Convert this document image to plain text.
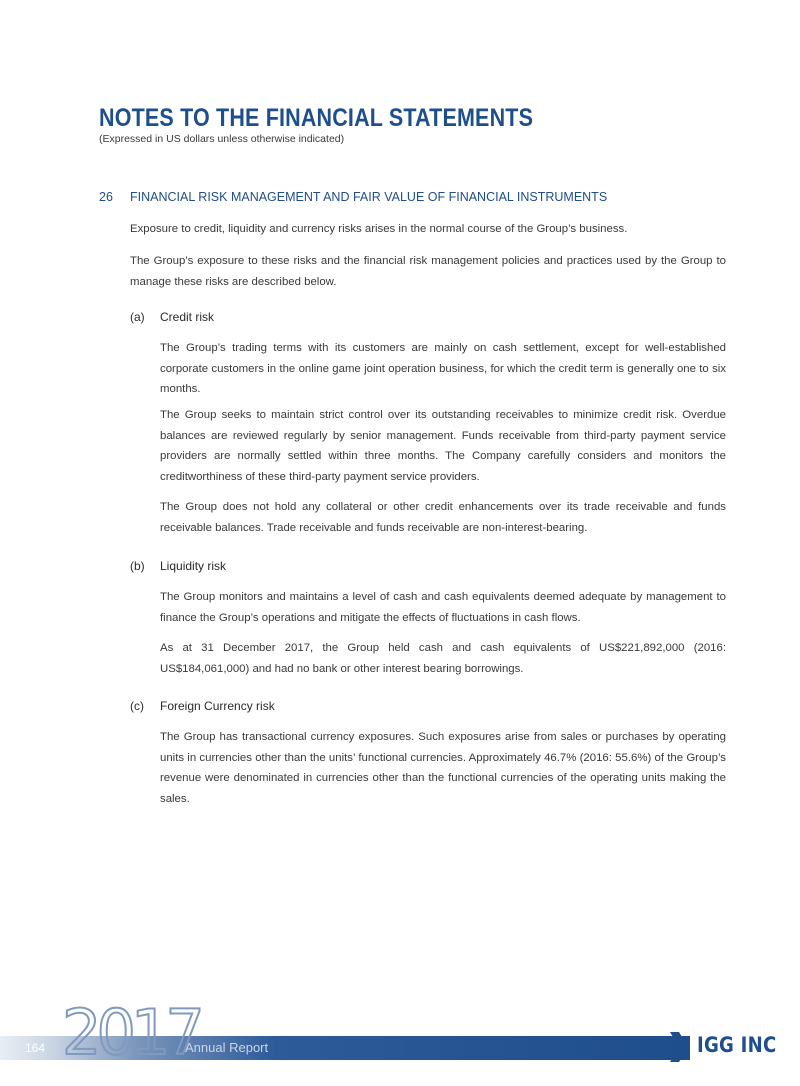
NOTES TO THE FINANCIAL STATEMENTS
(Expressed in US dollars unless otherwise indicated)
26 FINANCIAL RISK MANAGEMENT AND FAIR VALUE OF FINANCIAL INSTRUMENTS
Exposure to credit, liquidity and currency risks arises in the normal course of the Group’s business.
The Group’s exposure to these risks and the financial risk management policies and practices used by the Group to manage these risks are described below.
(a) Credit risk
The Group’s trading terms with its customers are mainly on cash settlement, except for well-established corporate customers in the online game joint operation business, for which the credit term is generally one to six months.
The Group seeks to maintain strict control over its outstanding receivables to minimize credit risk. Overdue balances are reviewed regularly by senior management. Funds receivable from third-party payment service providers are normally settled within three months. The Company carefully considers and monitors the creditworthiness of these third-party payment service providers.
The Group does not hold any collateral or other credit enhancements over its trade receivable and funds receivable balances. Trade receivable and funds receivable are non-interest-bearing.
(b) Liquidity risk
The Group monitors and maintains a level of cash and cash equivalents deemed adequate by management to finance the Group’s operations and mitigate the effects of fluctuations in cash flows.
As at 31 December 2017, the Group held cash and cash equivalents of US$221,892,000 (2016: US$184,061,000) and had no bank or other interest bearing borrowings.
(c) Foreign Currency risk
The Group has transactional currency exposures. Such exposures arise from sales or purchases by operating units in currencies other than the units’ functional currencies. Approximately 46.7% (2016: 55.6%) of the Group’s revenue were denominated in currencies other than the functional currencies of the operating units making the sales.
2017
164	Annual Report	IGG INC
